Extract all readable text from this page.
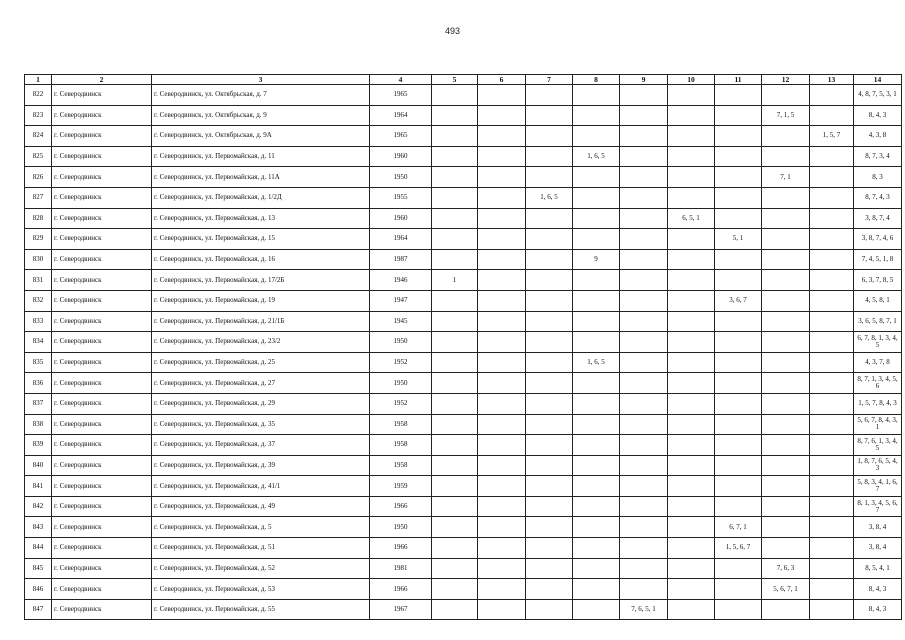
493
1	2	3	4	5	6	7	8	9	10	11	12	13	14
822	г. Северодвинск	г. Северодвинск, ул. Октябрьская, д. 7	1965										4, 8, 7, 5, 3, 1
823	г. Северодвинск	г. Северодвинск, ул. Октябрьская, д. 9	1964								7, 1, 5		8, 4, 3
824	г. Северодвинск	г. Северодвинск, ул. Октябрьская, д. 9А	1965									1, 5, 7	4, 3, 8
825	г. Северодвинск	г. Северодвинск, ул. Первомайская, д. 11	1960				1, 6, 5						8, 7, 3, 4
826	г. Северодвинск	г. Северодвинск, ул. Первомайская, д. 11А	1950								7, 1		8, 3
827	г. Северодвинск	г. Северодвинск, ул. Первомайская, д. 1/2Д	1955			1, 6, 5							8, 7, 4, 3
828	г. Северодвинск	г. Северодвинск, ул. Первомайская, д. 13	1960						6, 5, 1				3, 8, 7, 4
829	г. Северодвинск	г. Северодвинск, ул. Первомайская, д. 15	1964							5, 1			3, 8, 7, 4, 6
830	г. Северодвинск	г. Северодвинск, ул. Первомайская, д. 16	1987				9						7, 4, 5, 1, 8
831	г. Северодвинск	г. Северодвинск, ул. Первомайская, д. 17/2Б	1946	1									6, 3, 7, 8, 5
832	г. Северодвинск	г. Северодвинск, ул. Первомайская, д. 19	1947							3, 6, 7			4, 5, 8, 1
833	г. Северодвинск	г. Северодвинск, ул. Первомайская, д. 21/1Б	1945										3, 6, 5, 8, 7, 1
834	г. Северодвинск	г. Северодвинск, ул. Первомайская, д. 23/2	1950										6, 7, 8, 1, 3, 4, 5
835	г. Северодвинск	г. Северодвинск, ул. Первомайская, д. 25	1952				1, 6, 5						4, 3, 7, 8
836	г. Северодвинск	г. Северодвинск, ул. Первомайская, д. 27	1950										8, 7, 1, 3, 4, 5, 6
837	г. Северодвинск	г. Северодвинск, ул. Первомайская, д. 29	1952										1, 5, 7, 8, 4, 3
838	г. Северодвинск	г. Северодвинск, ул. Первомайская, д. 35	1958										5, 6, 7, 8, 4, 3, 1
839	г. Северодвинск	г. Северодвинск, ул. Первомайская, д. 37	1958										8, 7, 6, 1, 3, 4, 5
840	г. Северодвинск	г. Северодвинск, ул. Первомайская, д. 39	1958										1, 8, 7, 6, 5, 4, 3
841	г. Северодвинск	г. Северодвинск, ул. Первомайская, д. 41/1	1959										5, 8, 3, 4, 1, 6, 7
842	г. Северодвинск	г. Северодвинск, ул. Первомайская, д. 49	1966										8, 1, 3, 4, 5, 6, 7
843	г. Северодвинск	г. Северодвинск, ул. Первомайская, д. 5	1950							6, 7, 1			3, 8, 4
844	г. Северодвинск	г. Северодвинск, ул. Первомайская, д. 51	1966							1, 5, 6, 7			3, 8, 4
845	г. Северодвинск	г. Северодвинск, ул. Первомайская, д. 52	1981								7, 6, 3		8, 5, 4, 1
846	г. Северодвинск	г. Северодвинск, ул. Первомайская, д. 53	1966								5, 6, 7, 1		8, 4, 3
847	г. Северодвинск	г. Северодвинск, ул. Первомайская, д. 55	1967					7, 6, 5, 1					8, 4, 3
